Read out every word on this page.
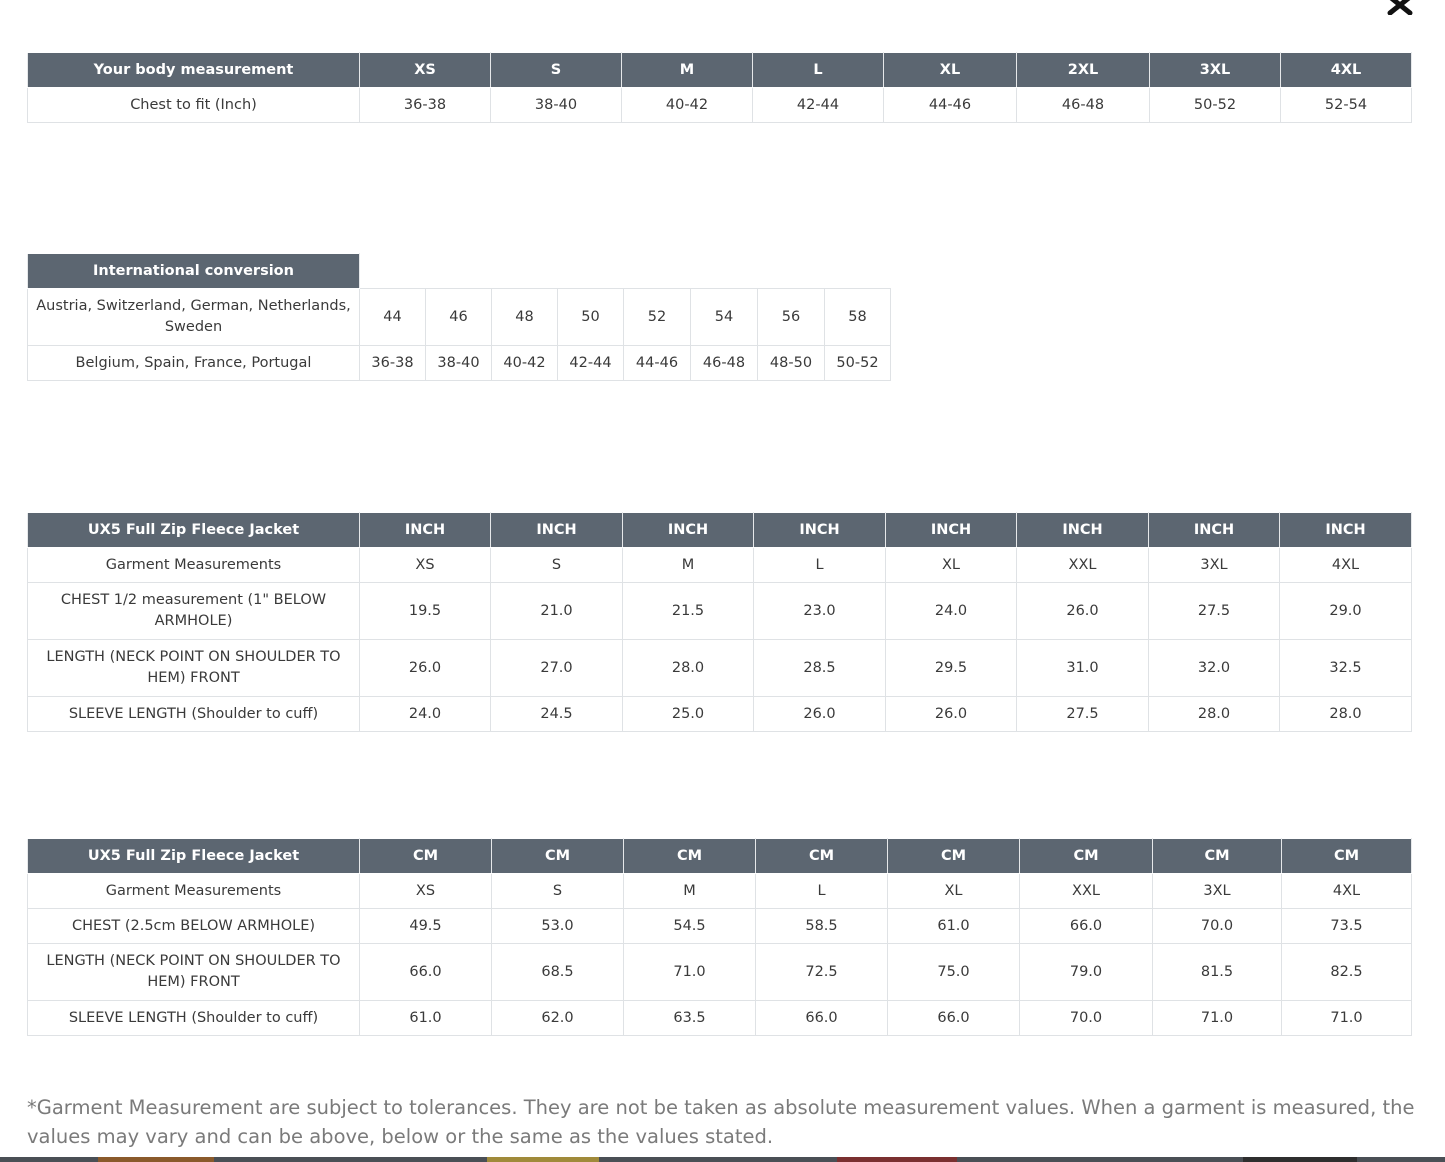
Your body measurement	XS	S	M	L	XL	2XL	3XL	4XL
Chest to fit (Inch)	36-38	38-40	40-42	42-44	44-46	46-48	50-52	52-54
International conversion								
Austria, Switzerland, German, Netherlands, Sweden	44	46	48	50	52	54	56	58
Belgium, Spain, France, Portugal	36-38	38-40	40-42	42-44	44-46	46-48	48-50	50-52
UX5 Full Zip Fleece Jacket	INCH	INCH	INCH	INCH	INCH	INCH	INCH	INCH
Garment Measurements	XS	S	M	L	XL	XXL	3XL	4XL
CHEST 1/2 measurement (1" BELOW ARMHOLE)	19.5	21.0	21.5	23.0	24.0	26.0	27.5	29.0
LENGTH (NECK POINT ON SHOULDER TO HEM) FRONT	26.0	27.0	28.0	28.5	29.5	31.0	32.0	32.5
SLEEVE LENGTH (Shoulder to cuff)	24.0	24.5	25.0	26.0	26.0	27.5	28.0	28.0
UX5 Full Zip Fleece Jacket	CM	CM	CM	CM	CM	CM	CM	CM
Garment Measurements	XS	S	M	L	XL	XXL	3XL	4XL
CHEST (2.5cm BELOW ARMHOLE)	49.5	53.0	54.5	58.5	61.0	66.0	70.0	73.5
LENGTH (NECK POINT ON SHOULDER TO HEM) FRONT	66.0	68.5	71.0	72.5	75.0	79.0	81.5	82.5
SLEEVE LENGTH (Shoulder to cuff)	61.0	62.0	63.5	66.0	66.0	70.0	71.0	71.0
*Garment Measurement are subject to tolerances. They are not be taken as absolute measurement values. When a garment is measured, the values may vary and can be above, below or the same as the values stated.
